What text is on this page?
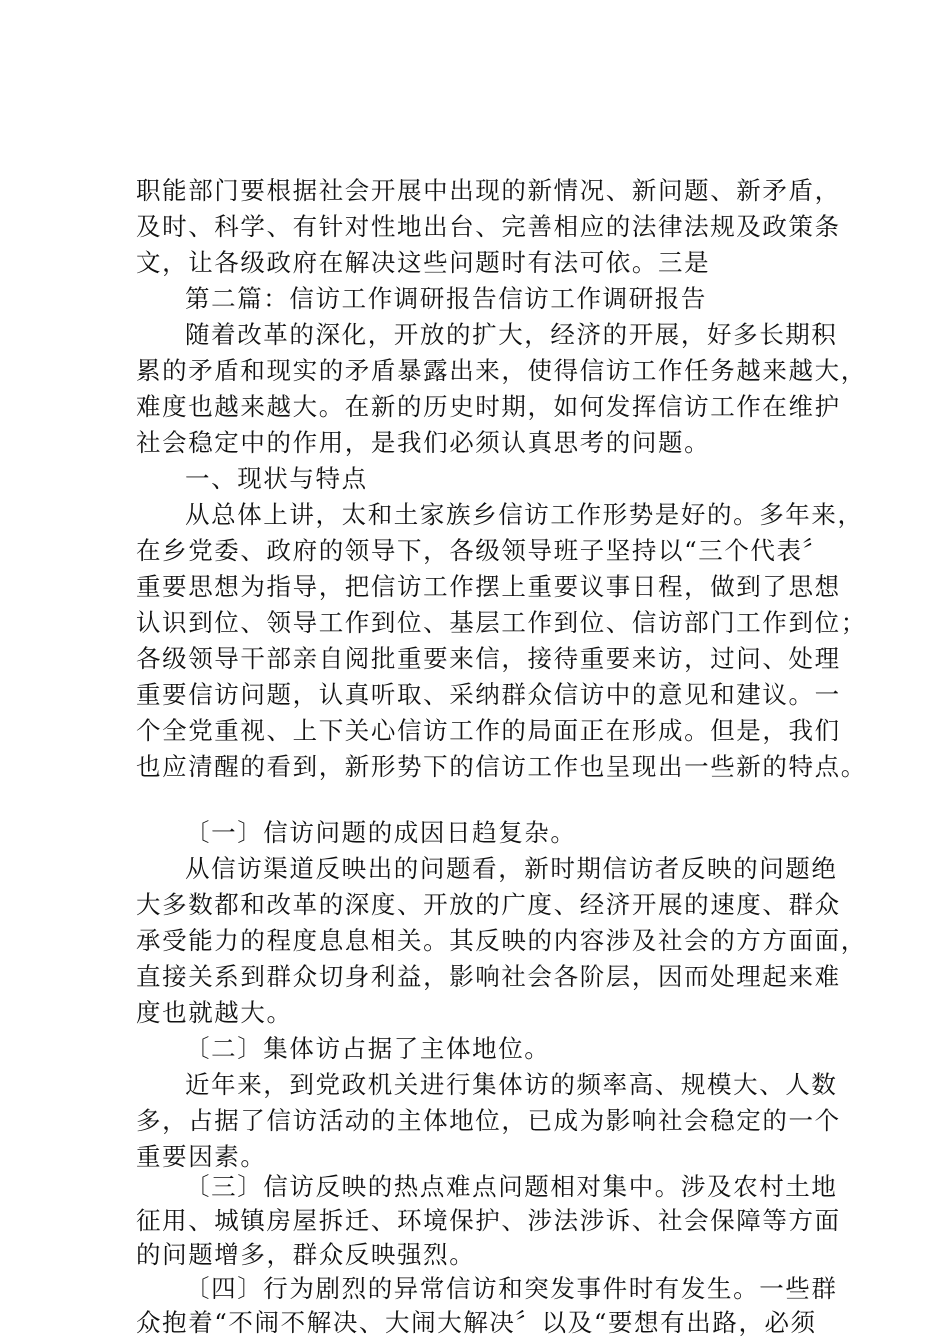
职能部门要根据社会开展中出现的新情况、新问题、新矛盾，
及时、科学、有针对性地出台、完善相应的法律法规及政策条
文，让各级政府在解决这些问题时有法可依。三是
第二篇：信访工作调研报告信访工作调研报告
随着改革的深化，开放的扩大，经济的开展，好多长期积
累的矛盾和现实的矛盾暴露出来，使得信访工作任务越来越大，
难度也越来越大。在新的历史时期，如何发挥信访工作在维护
社会稳定中的作用，是我们必须认真思考的问题。
一、现状与特点
从总体上讲，太和土家族乡信访工作形势是好的。多年来，
在乡党委、政府的领导下，各级领导班子坚持以“三个代表〞
重要思想为指导，把信访工作摆上重要议事日程，做到了思想
认识到位、领导工作到位、基层工作到位、信访部门工作到位；
各级领导干部亲自阅批重要来信，接待重要来访，过问、处理
重要信访问题，认真听取、采纳群众信访中的意见和建议。一
个全党重视、上下关心信访工作的局面正在形成。但是，我们
也应清醒的看到，新形势下的信访工作也呈现出一些新的特点。
〔一〕信访问题的成因日趋复杂。
从信访渠道反映出的问题看，新时期信访者反映的问题绝
大多数都和改革的深度、开放的广度、经济开展的速度、群众
承受能力的程度息息相关。其反映的内容涉及社会的方方面面，
直接关系到群众切身利益，影响社会各阶层，因而处理起来难
度也就越大。
〔二〕集体访占据了主体地位。
近年来，到党政机关进行集体访的频率高、规模大、人数
多，占据了信访活动的主体地位，已成为影响社会稳定的一个
重要因素。
〔三〕信访反映的热点难点问题相对集中。涉及农村土地
征用、城镇房屋拆迁、环境保护、涉法涉诉、社会保障等方面
的问题增多，群众反映强烈。
〔四〕行为剧烈的异常信访和突发事件时有发生。一些群
众抱着“不闹不解决、大闹大解决〞以及“要想有出路，必须
